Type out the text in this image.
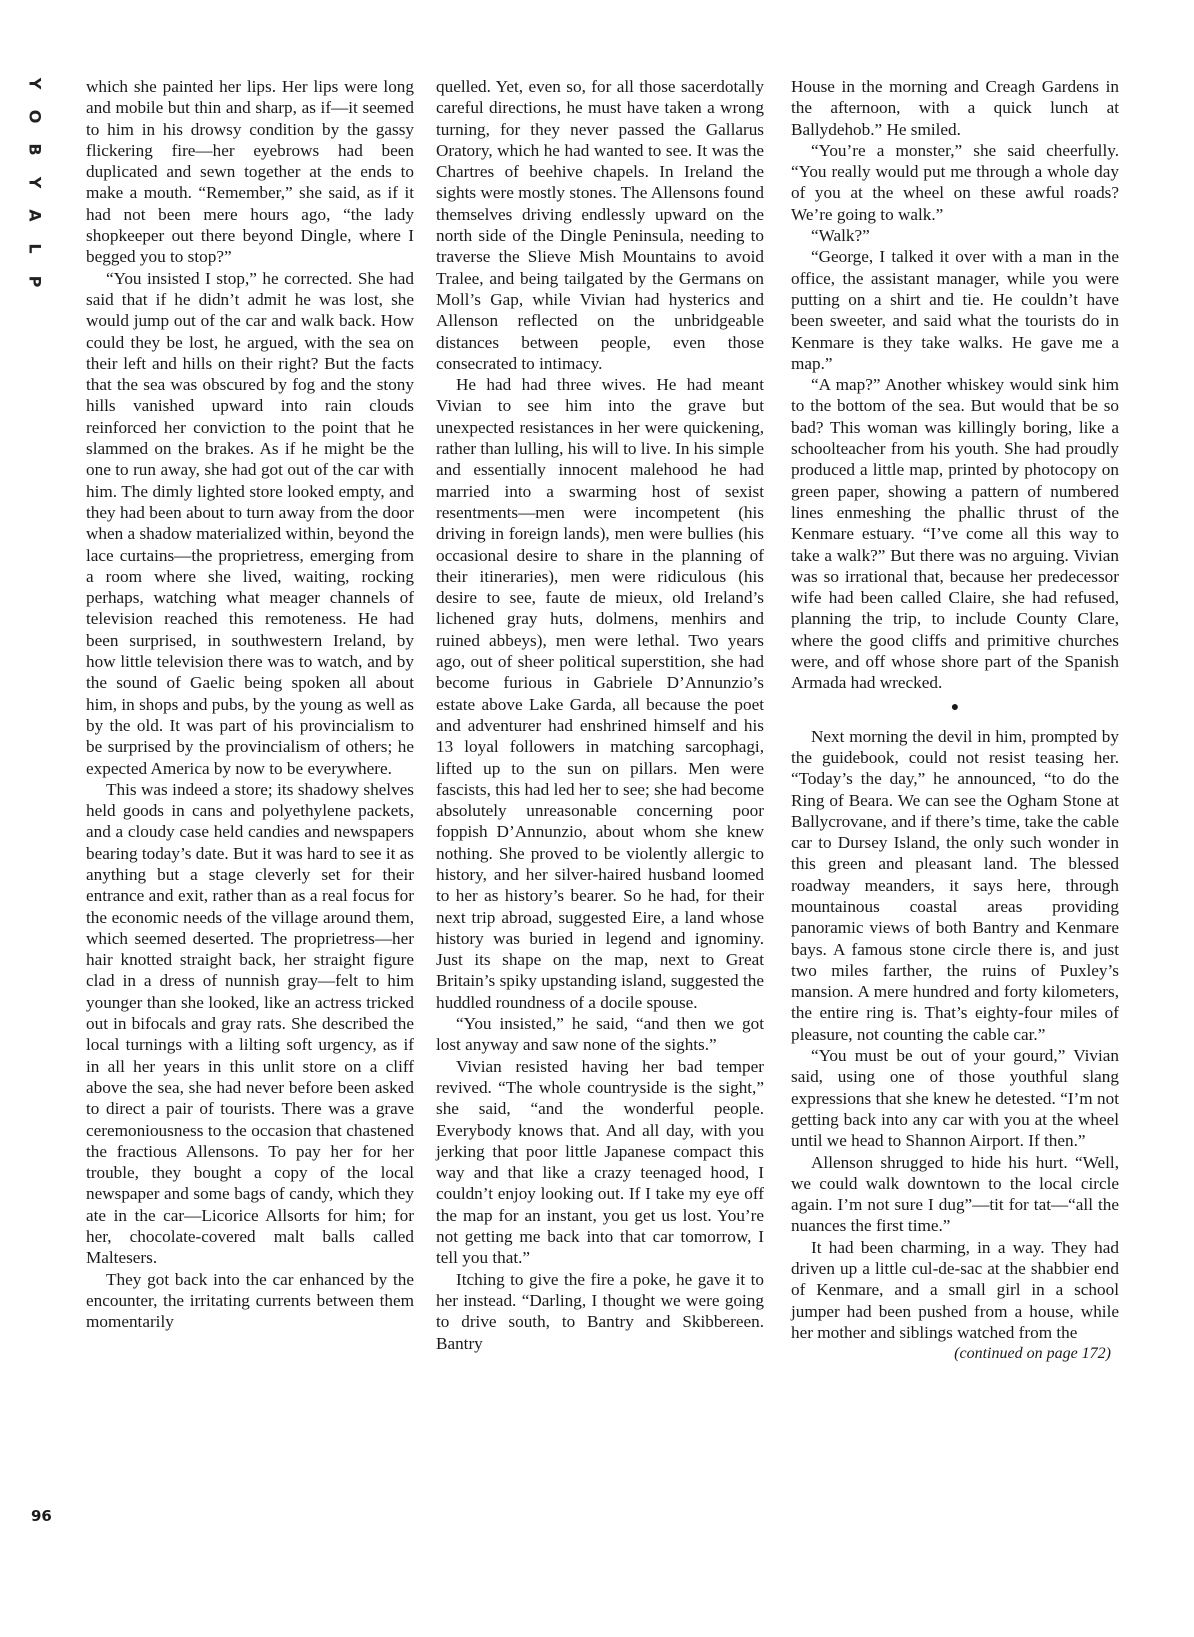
Y
O
B
Y
A
L
P

which she painted her lips. Her lips were long and mobile but thin and sharp, as if—it seemed to him in his drowsy condition by the gassy flickering fire—her eyebrows had been duplicated and sewn together at the ends to make a mouth. “Remember,” she said, as if it had not been mere hours ago, “the lady shopkeeper out there beyond Dingle, where I begged you to stop?”

“You insisted I stop,” he corrected. She had said that if he didn’t admit he was lost, she would jump out of the car and walk back. How could they be lost, he argued, with the sea on their left and hills on their right? But the facts that the sea was obscured by fog and the stony hills vanished upward into rain clouds reinforced her conviction to the point that he slammed on the brakes. As if he might be the one to run away, she had got out of the car with him. The dimly lighted store looked empty, and they had been about to turn away from the door when a shadow materialized within, beyond the lace curtains—the proprietress, emerging from a room where she lived, waiting, rocking perhaps, watching what meager channels of television reached this remoteness. He had been surprised, in southwestern Ireland, by how little television there was to watch, and by the sound of Gaelic being spoken all about him, in shops and pubs, by the young as well as by the old. It was part of his provincialism to be surprised by the provincialism of others; he expected America by now to be everywhere.

This was indeed a store; its shadowy shelves held goods in cans and polyethylene packets, and a cloudy case held candies and newspapers bearing today’s date. But it was hard to see it as anything but a stage cleverly set for their entrance and exit, rather than as a real focus for the economic needs of the village around them, which seemed deserted. The proprietress—her hair knotted straight back, her straight figure clad in a dress of nunnish gray—felt to him younger than she looked, like an actress tricked out in bifocals and gray rats. She described the local turnings with a lilting soft urgency, as if in all her years in this unlit store on a cliff above the sea, she had never before been asked to direct a pair of tourists. There was a grave ceremoniousness to the occasion that chastened the fractious Allensons. To pay her for her trouble, they bought a copy of the local newspaper and some bags of candy, which they ate in the car—Licorice Allsorts for him; for her, chocolate-covered malt balls called Maltesers.

They got back into the car enhanced by the encounter, the irritating currents between them momentarily

quelled. Yet, even so, for all those sacerdotally careful directions, he must have taken a wrong turning, for they never passed the Gallarus Oratory, which he had wanted to see. It was the Chartres of beehive chapels. In Ireland the sights were mostly stones. The Allensons found themselves driving endlessly upward on the north side of the Dingle Peninsula, needing to traverse the Slieve Mish Mountains to avoid Tralee, and being tailgated by the Germans on Moll’s Gap, while Vivian had hysterics and Allenson reflected on the unbridgeable distances between people, even those consecrated to intimacy.

He had had three wives. He had meant Vivian to see him into the grave but unexpected resistances in her were quickening, rather than lulling, his will to live. In his simple and essentially innocent malehood he had married into a swarming host of sexist resentments—men were incompetent (his driving in foreign lands), men were bullies (his occasional desire to share in the planning of their itineraries), men were ridiculous (his desire to see, faute de mieux, old Ireland’s lichened gray huts, dolmens, menhirs and ruined abbeys), men were lethal. Two years ago, out of sheer political superstition, she had become furious in Gabriele D’Annunzio’s estate above Lake Garda, all because the poet and adventurer had enshrined himself and his 13 loyal followers in matching sarcophagi, lifted up to the sun on pillars. Men were fascists, this had led her to see; she had become absolutely unreasonable concerning poor foppish D’Annunzio, about whom she knew nothing. She proved to be violently allergic to history, and her silver-haired husband loomed to her as history’s bearer. So he had, for their next trip abroad, suggested Eire, a land whose history was buried in legend and ignominy. Just its shape on the map, next to Great Britain’s spiky upstanding island, suggested the huddled roundness of a docile spouse.

“You insisted,” he said, “and then we got lost anyway and saw none of the sights.”

Vivian resisted having her bad temper revived. “The whole countryside is the sight,” she said, “and the wonderful people. Everybody knows that. And all day, with you jerking that poor little Japanese compact this way and that like a crazy teenaged hood, I couldn’t enjoy looking out. If I take my eye off the map for an instant, you get us lost. You’re not getting me back into that car tomorrow, I tell you that.”

Itching to give the fire a poke, he gave it to her instead. “Darling, I thought we were going to drive south, to Bantry and Skibbereen. Bantry

House in the morning and Creagh Gardens in the afternoon, with a quick lunch at Ballydehob.” He smiled.

“You’re a monster,” she said cheerfully. “You really would put me through a whole day of you at the wheel on these awful roads? We’re going to walk.”

“Walk?”

“George, I talked it over with a man in the office, the assistant manager, while you were putting on a shirt and tie. He couldn’t have been sweeter, and said what the tourists do in Kenmare is they take walks. He gave me a map.”

“A map?” Another whiskey would sink him to the bottom of the sea. But would that be so bad? This woman was killingly boring, like a schoolteacher from his youth. She had proudly produced a little map, printed by photocopy on green paper, showing a pattern of numbered lines enmeshing the phallic thrust of the Kenmare estuary. “I’ve come all this way to take a walk?” But there was no arguing. Vivian was so irrational that, because her predecessor wife had been called Claire, she had refused, planning the trip, to include County Clare, where the good cliffs and primitive churches were, and off whose shore part of the Spanish Armada had wrecked.

●

Next morning the devil in him, prompted by the guidebook, could not resist teasing her. “Today’s the day,” he announced, “to do the Ring of Beara. We can see the Ogham Stone at Ballycrovane, and if there’s time, take the cable car to Dursey Island, the only such wonder in this green and pleasant land. The blessed roadway meanders, it says here, through mountainous coastal areas providing panoramic views of both Bantry and Kenmare bays. A famous stone circle there is, and just two miles farther, the ruins of Puxley’s mansion. A mere hundred and forty kilometers, the entire ring is. That’s eighty-four miles of pleasure, not counting the cable car.”

“You must be out of your gourd,” Vivian said, using one of those youthful slang expressions that she knew he detested. “I’m not getting back into any car with you at the wheel until we head to Shannon Airport. If then.”

Allenson shrugged to hide his hurt. “Well, we could walk downtown to the local circle again. I’m not sure I dug”—tit for tat—“all the nuances the first time.”

It had been charming, in a way. They had driven up a little cul-de-sac at the shabbier end of Kenmare, and a small girl in a school jumper had been pushed from a house, while her mother and siblings watched from the

(continued on page 172)

96
